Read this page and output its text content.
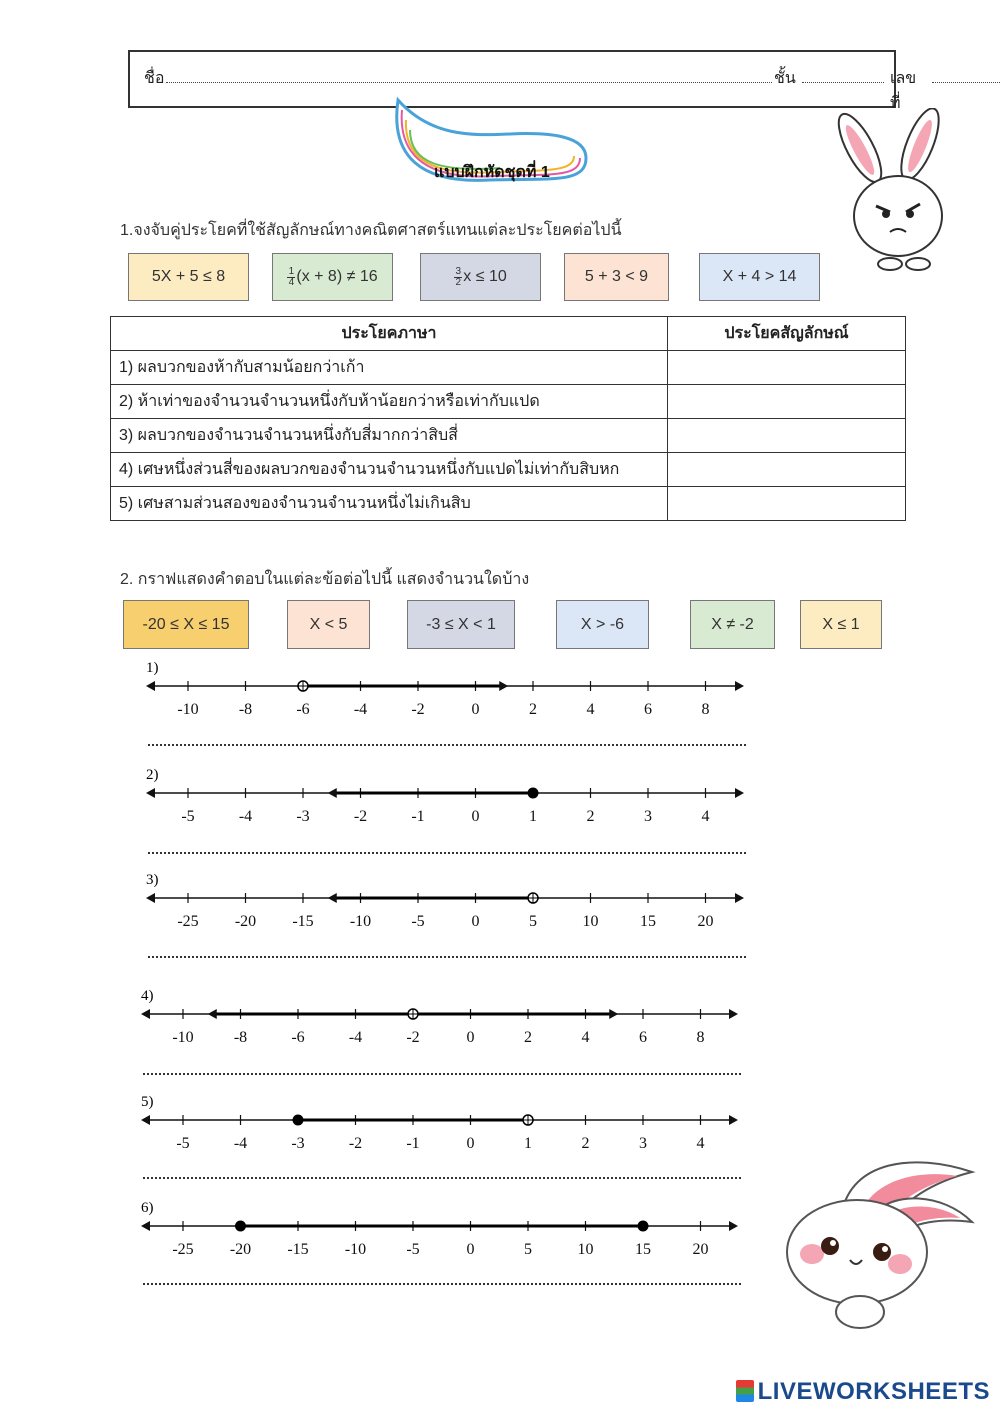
ชื่อ	ชั้น	เลขที่
แบบฝึกหัดชุดที่ 1
1.จงจับคู่ประโยคที่ใช้สัญลักษณ์ทางคณิตศาสตร์แทนแต่ละประโยคต่อไปนี้
5X + 5 ≤ 8	1
4 (x + 8) ≠ 16	3
2 x ≤ 10	5 + 3 < 9	X + 4 > 14
ประโยคภาษา	ประโยคสัญลักษณ์
1) ผลบวกของห้ากับสามน้อยกว่าเก้า	
2) ห้าเท่าของจำนวนจำนวนหนึ่งกับห้าน้อยกว่าหรือเท่ากับแปด	
3) ผลบวกของจำนวนจำนวนหนึ่งกับสี่มากกว่าสิบสี่	
4) เศษหนึ่งส่วนสี่ของผลบวกของจำนวนจำนวนหนึ่งกับแปดไม่เท่ากับสิบหก	
5) เศษสามส่วนสองของจำนวนจำนวนหนึ่งไม่เกินสิบ	
2. กราฟแสดงคำตอบในแต่ละข้อต่อไปนี้ แสดงจำนวนใดบ้าง
-20 ≤ X ≤ 15	X < 5	-3 ≤ X < 1	X > -6	X ≠ -2	X ≤ 1
1)
-10	-8	-6	-4	-2	0	2	4	6	8
2)
-5	-4	-3	-2	-1	0	1	2	3	4
3)
-25 -20 -15 -10	-5	0	5	10	15	20
4)
-10	-8	-6	-4	-2	0	2	4	6	8
5)
-5	-4	-3	-2	-1	0	1	2	3	4
6)
-25 -20 -15 -10	-5	0	5	10	15	20
LIVEWORKSHEETS
